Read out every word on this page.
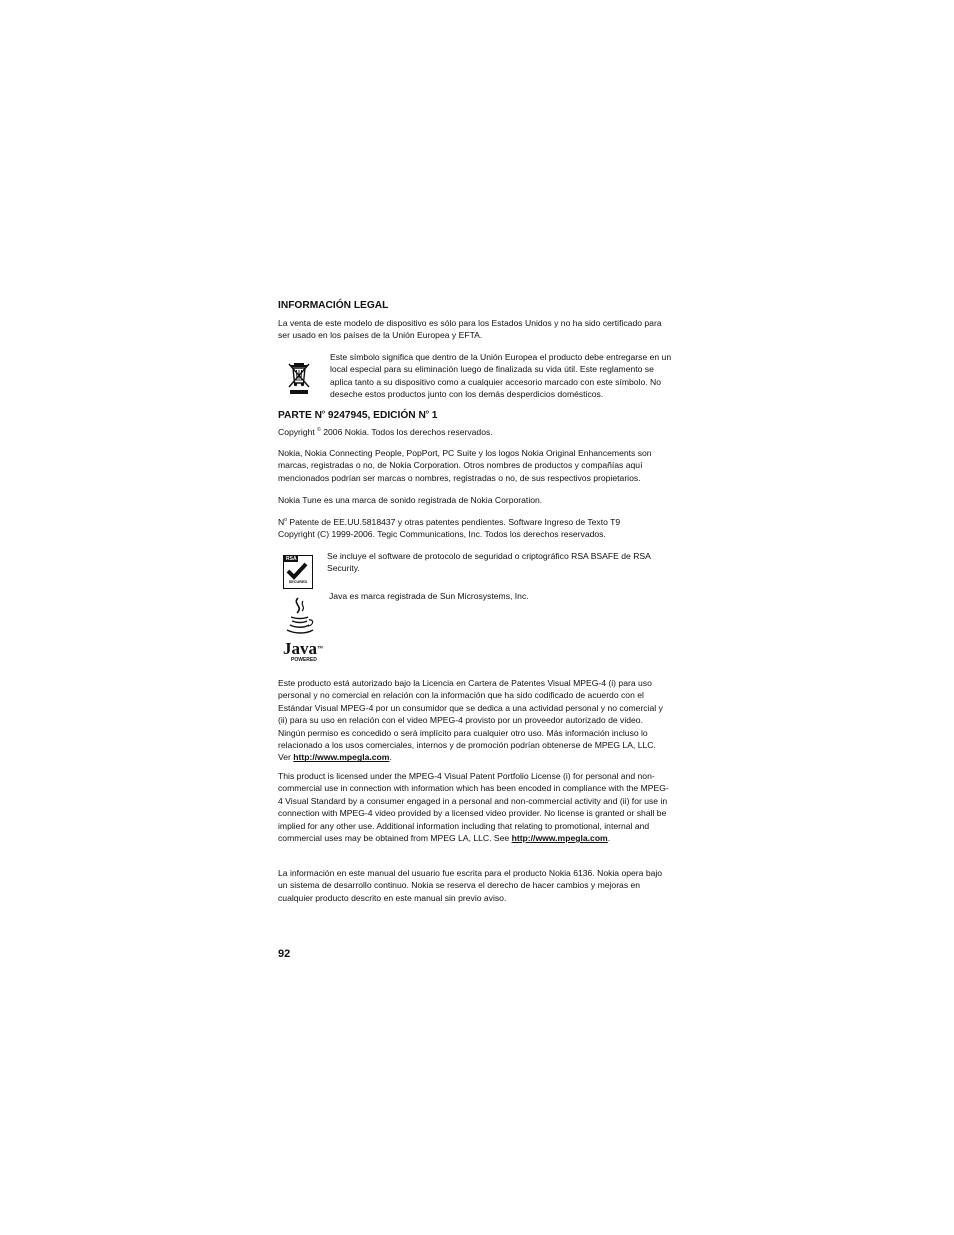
INFORMACIÓN LEGAL

La venta de este modelo de dispositivo es sólo para los Estados Unidos y no ha sido certificado para ser usado en los países de la Unión Europea y EFTA.

Este símbolo significa que dentro de la Unión Europea el producto debe entregarse en un local especial para su eliminación luego de finalizada su vida útil. Este reglamento se aplica tanto a su dispositivo como a cualquier accesorio marcado con este símbolo. No deseche estos productos junto con los demás desperdicios domésticos.

PARTE $N^o$ 9247945, EDICIÓN $N^o$ 1

Copyright © 2006 Nokia. Todos los derechos reservados.

Nokia, Nokia Connecting People, PopPort, PC Suite y los logos Nokia Original Enhancements son marcas, registradas o no, de Nokia Corporation. Otros nombres de productos y compañías aquí mencionados podrían ser marcas o nombres, registradas o no, de sus respectivos propietarios.

Nokia Tune es una marca de sonido registrada de Nokia Corporation.

$N^o$ Patente de EE.UU.5818437 y otras patentes pendientes. Software Ingreso de Texto T9
Copyright (C) 1999-2006. Tegic Communications, Inc. Todos los derechos reservados.

RSA
SECURED

Se incluye el software de protocolo de seguridad o criptográfico RSA BSAFE de RSA Security.

Java™
POWERED

Java es marca registrada de Sun Microsystems, Inc.

Este producto está autorizado bajo la Licencia en Cartera de Patentes Visual MPEG-4 (i) para uso personal y no comercial en relación con la información que ha sido codificado de acuerdo con el Estándar Visual MPEG-4 por un consumidor que se dedica a una actividad personal y no comercial y (ii) para su uso en relación con el video MPEG-4 provisto por un proveedor autorizado de video. Ningún permiso es concedido o será implícito para cualquier otro uso. Más información incluso lo relacionado a los usos comerciales, internos y de promoción podrían obtenerse de MPEG LA, LLC. Ver http://www.mpegla.com.

This product is licensed under the MPEG-4 Visual Patent Portfolio License (i) for personal and non-commercial use in connection with information which has been encoded in compliance with the MPEG-4 Visual Standard by a consumer engaged in a personal and non-commercial activity and (ii) for use in connection with MPEG-4 video provided by a licensed video provider. No license is granted or shall be implied for any other use. Additional information including that relating to promotional, internal and commercial uses may be obtained from MPEG LA, LLC. See http://www.mpegla.com.

La información en este manual del usuario fue escrita para el producto Nokia 6136. Nokia opera bajo un sistema de desarrollo continuo. Nokia se reserva el derecho de hacer cambios y mejoras en cualquier producto descrito en este manual sin previo aviso.

92
